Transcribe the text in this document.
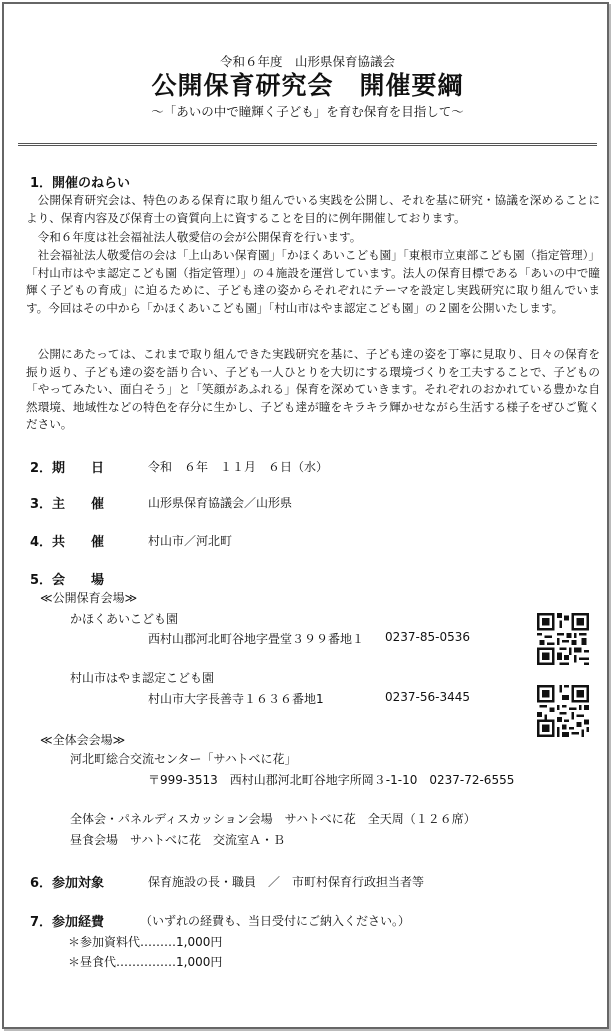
令和６年度　山形県保育協議会
公開保育研究会　開催要綱
～「あいの中で瞳輝く子ども」を育む保育を目指して～
1．開催のねらい
公開保育研究会は、特色のある保育に取り組んでいる実践を公開し、それを基に研究・協議を深めることにより、保育内容及び保育士の資質向上に資することを目的に例年開催しております。
令和６年度は社会福祉法人敬愛信の会が公開保育を行います。
社会福祉法人敬愛信の会は「上山あい保育園」「かほくあいこども園」「東根市立東部こども園（指定管理）」「村山市はやま認定こども園（指定管理）」の４施設を運営しています。法人の保育目標である「あいの中で瞳輝く子どもの育成」に迫るために、子ども達の姿からそれぞれにテーマを設定し実践研究に取り組んでいます。今回はその中から「かほくあいこども園」「村山市はやま認定こども園」の２園を公開いたします。
公開にあたっては、これまで取り組んできた実践研究を基に、子ども達の姿を丁寧に見取り、日々の保育を振り返り、子ども達の姿を語り合い、子ども一人ひとりを大切にする環境づくりを工夫することで、子どもの「やってみたい、面白そう」と「笑顔があふれる」保育を深めていきます。それぞれのおかれている豊かな自然環境、地域性などの特色を存分に生かし、子ども達が瞳をキラキラ輝かせながら生活する様子をぜひご覧ください。
2．期　　日	令和　６年　１１月　６日（水）
3．主　　催	山形県保育協議会／山形県
4．共　　催	村山市／河北町
5．会　　場
≪公開保育会場≫
かほくあいこども園
西村山郡河北町谷地字畳堂３９９番地１ 0237-85-0536
村山市はやま認定こども園
村山市大字長善寺１６３６番地1	0237-56-3445
≪全体会会場≫
河北町総合交流センター「サハトべに花」
〒999-3513　西村山郡河北町谷地字所岡３-1-10　0237-72-6555
全体会・パネルディスカッション会場　サハトべに花　全天周（１２６席）
昼食会場　サハトべに花　交流室Ａ・Ｂ
6．参加対象	保育施設の長・職員　／　市町村保育行政担当者等
7．参加経費	（いずれの経費も、当日受付にご納入ください。）
＊参加資料代………1,000円
＊昼食代……………1,000円
